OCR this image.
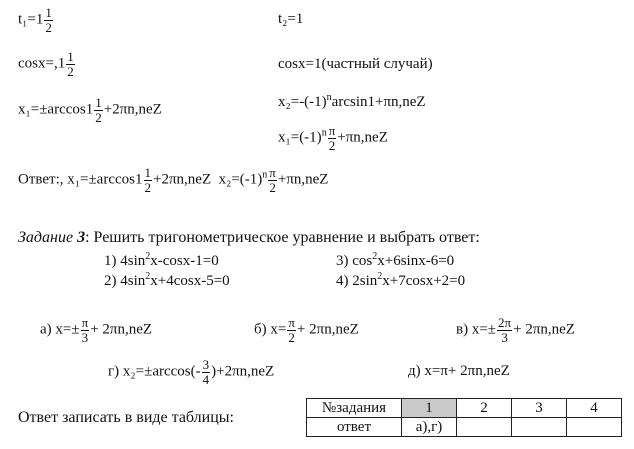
$t_1=1 \frac{1}{2}$
$\cos x=,1 \frac{1}{2}$
$x_1=\pm\arccos 1 \frac{1}{2} +2\pi n,neZ$
t₂=1
cosx=1(частный случай)
$x_2=-(-1)^n\arcsin 1+\pi n,neZ$
$x_1=(-1)^n \frac{\pi}{2} +\pi n,neZ$
Ответ:, $x_1=\pm\arccos 1 \frac{1}{2} +2\pi n,neZ$  $x_2=(-1)^n \frac{\pi}{2} +\pi n,neZ$
Задание 3: Решить тригонометрическое уравнение и выбрать ответ:
1) $4\sin^2x-\cos x-1=0$
2) $4\sin^2x+4\cos x-5=0$
3) $\cos^2x+6\sin x-6=0$
4) $2\sin^2x+7\cos x+2=0$
а) $x=\pm \frac{\pi}{3} + 2\pi n,neZ$	б) $x= \frac{\pi}{2} + 2\pi n,neZ$	в) $x=\pm \frac{2\pi}{3} + 2\pi n,neZ$
г) $x_2=\pm\arccos(- \frac{3}{4} )+2\pi n,neZ$	д) x=π+ 2πn,neZ
Ответ записать в виде таблицы:
№задания	1	2	3	4
ответ	а),г)			
